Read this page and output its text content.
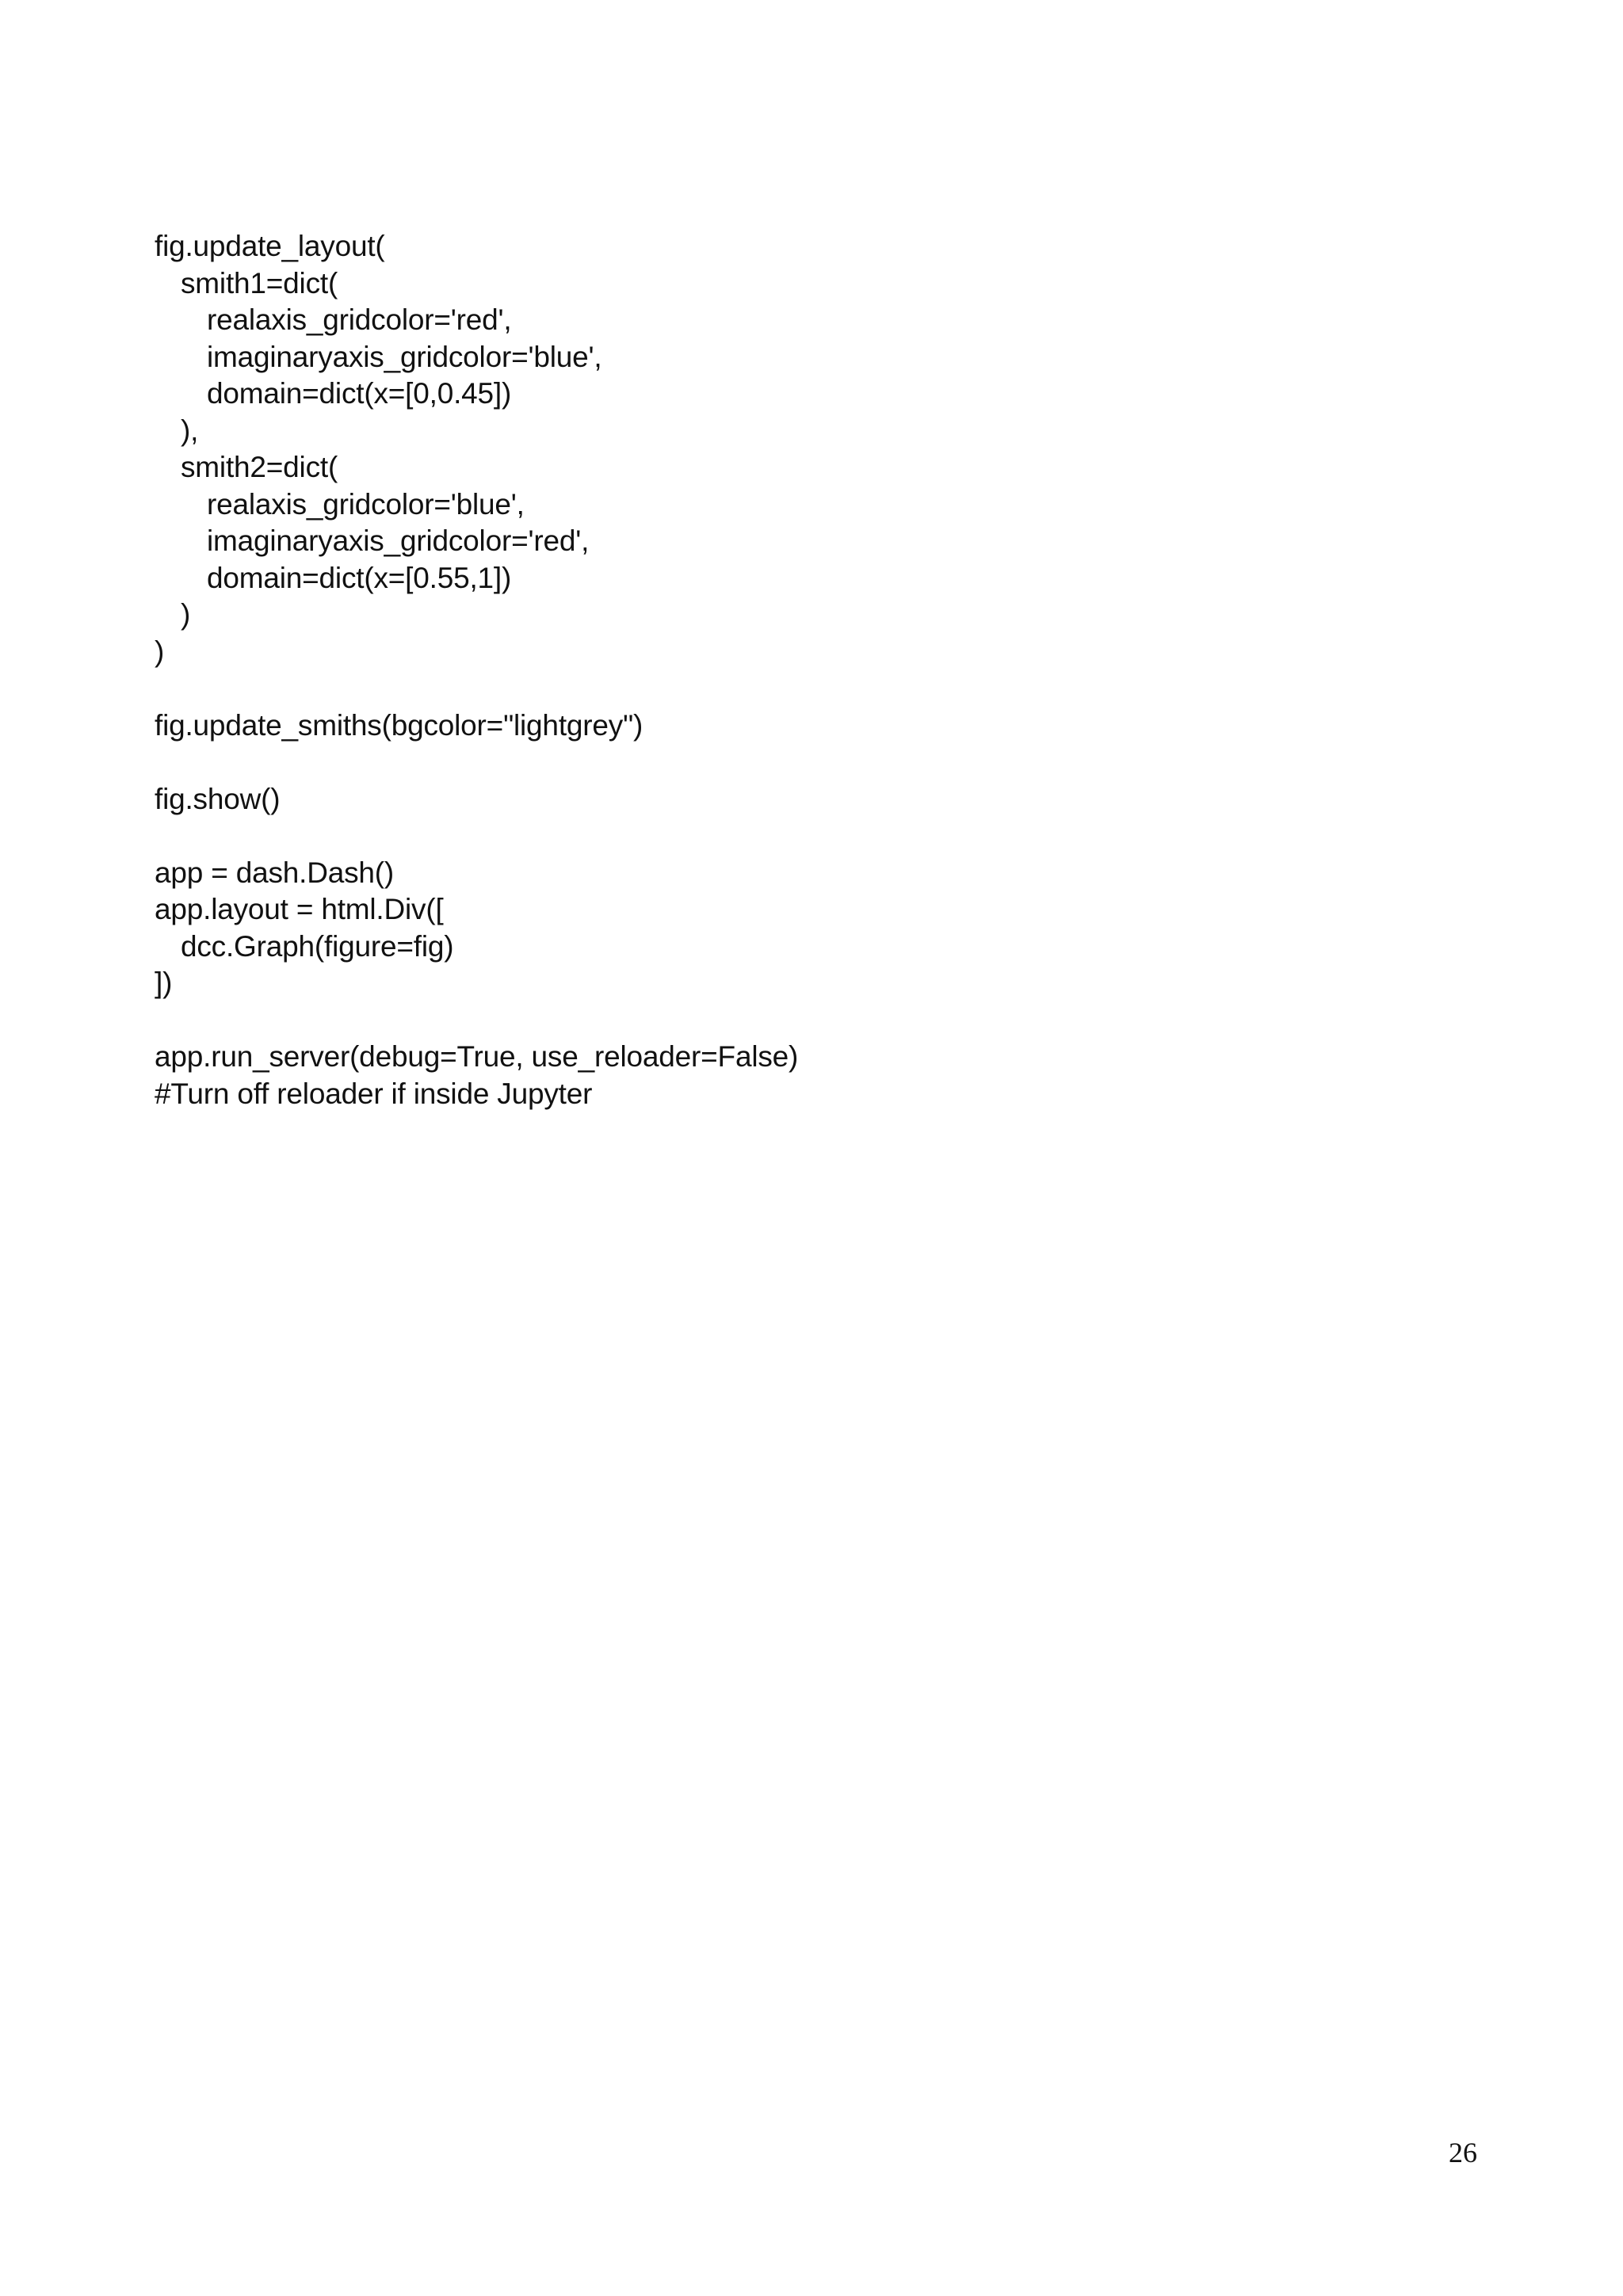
fig.update_layout(
smith1=dict(
realaxis_gridcolor='red',
imaginaryaxis_gridcolor='blue',
domain=dict(x=[0,0.45])
),
smith2=dict(
realaxis_gridcolor='blue',
imaginaryaxis_gridcolor='red',
domain=dict(x=[0.55,1])
)
)
fig.update_smiths(bgcolor="lightgrey")
fig.show()
app = dash.Dash()
app.layout = html.Div([
dcc.Graph(figure=fig)
])
app.run_server(debug=True, use_reloader=False)
#Turn off reloader if inside Jupyter
26
